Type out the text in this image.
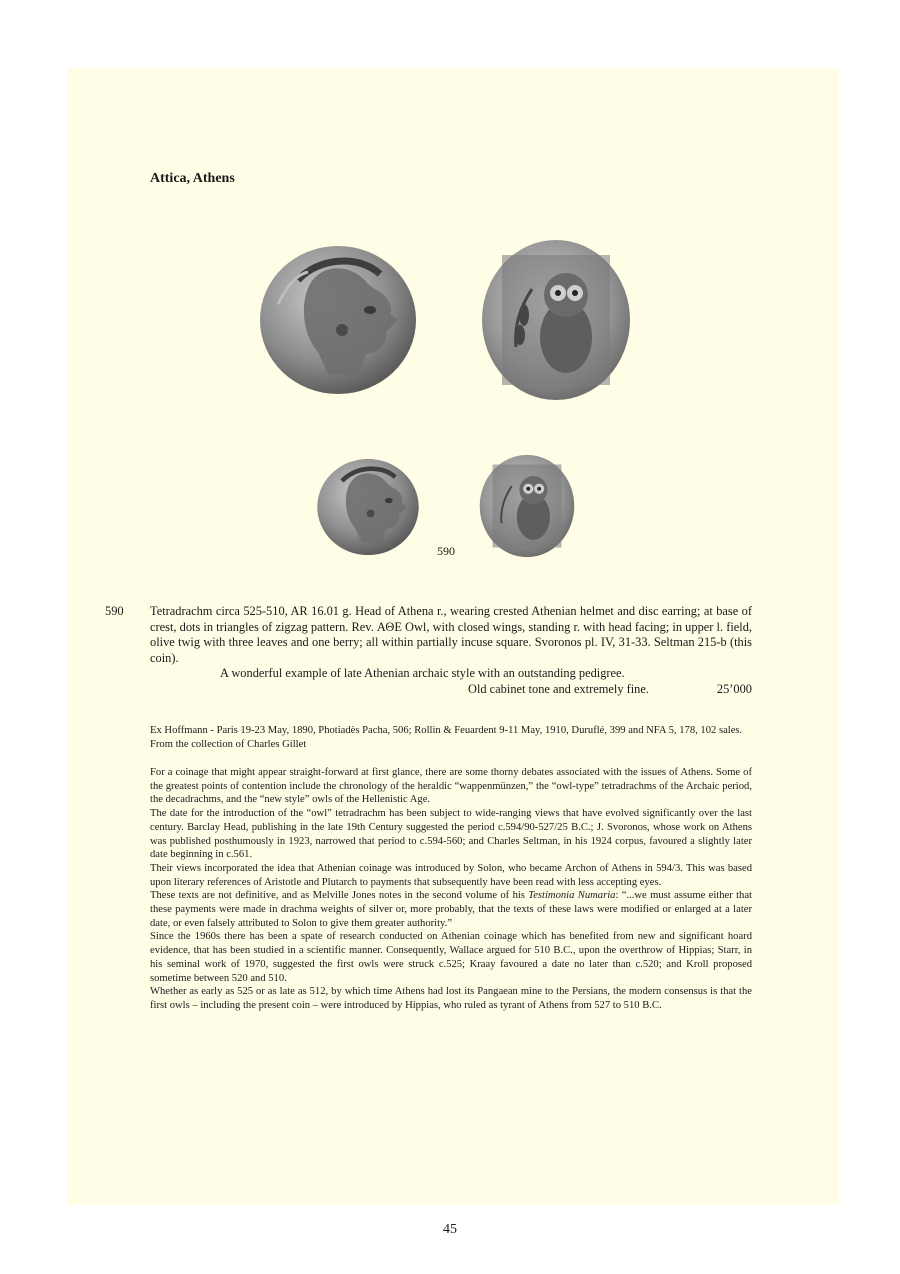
Attica, Athens
590
590 Tetradrachm circa 525-510, AR 16.01 g. Head of Athena r., wearing crested Athenian helmet and disc earring; at base of crest, dots in triangles of zigzag pattern. Rev. ΑΘΕ Owl, with closed wings, standing r. with head facing; in upper l. field, olive twig with three leaves and one berry; all within partially incuse square. Svoronos pl. IV, 31-33. Seltman 215-b (this coin).

A wonderful example of late Athenian archaic style with an outstanding pedigree.
Old cabinet tone and extremely fine.	25’000

Ex Hoffmann - Paris 19-23 May, 1890, Photiadès Pacha, 506; Rollin & Feuardent 9-11 May, 1910, Duruflé, 399 and NFA 5, 178, 102 sales. From the collection of Charles Gillet

For a coinage that might appear straight-forward at first glance, there are some thorny debates associated with the issues of Athens. Some of the greatest points of contention include the chronology of the heraldic “wappenmünzen,” the “owl-type” tetradrachms of the Archaic period, the decadrachms, and the “new style” owls of the Hellenistic Age.

The date for the introduction of the “owl” tetradrachm has been subject to wide-ranging views that have evolved significantly over the last century. Barclay Head, publishing in the late 19th Century suggested the period c.594/90-527/25 B.C.; J. Svoronos, whose work on Athens was published posthumously in 1923, narrowed that period to c.594-560; and Charles Seltman, in his 1924 corpus, favoured a slightly later date beginning in c.561.

Their views incorporated the idea that Athenian coinage was introduced by Solon, who became Archon of Athens in 594/3. This was based upon literary references of Aristotle and Plutarch to payments that subsequently have been read with less accepting eyes.

These texts are not definitive, and as Melville Jones notes in the second volume of his Testimonia Numaria: “...we must assume either that these payments were made in drachma weights of silver or, more probably, that the texts of these laws were modified or enlarged at a later date, or even falsely attributed to Solon to give them greater authority.”

Since the 1960s there has been a spate of research conducted on Athenian coinage which has benefited from new and significant hoard evidence, that has been studied in a scientific manner. Consequently, Wallace argued for 510 B.C., upon the overthrow of Hippias; Starr, in his seminal work of 1970, suggested the first owls were struck c.525; Kraay favoured a date no later than c.520; and Kroll proposed sometime between 520 and 510.

Whether as early as 525 or as late as 512, by which time Athens had lost its Pangaean mine to the Persians, the modern consensus is that the first owls – including the present coin – were introduced by Hippias, who ruled as tyrant of Athens from 527 to 510 B.C.

45
